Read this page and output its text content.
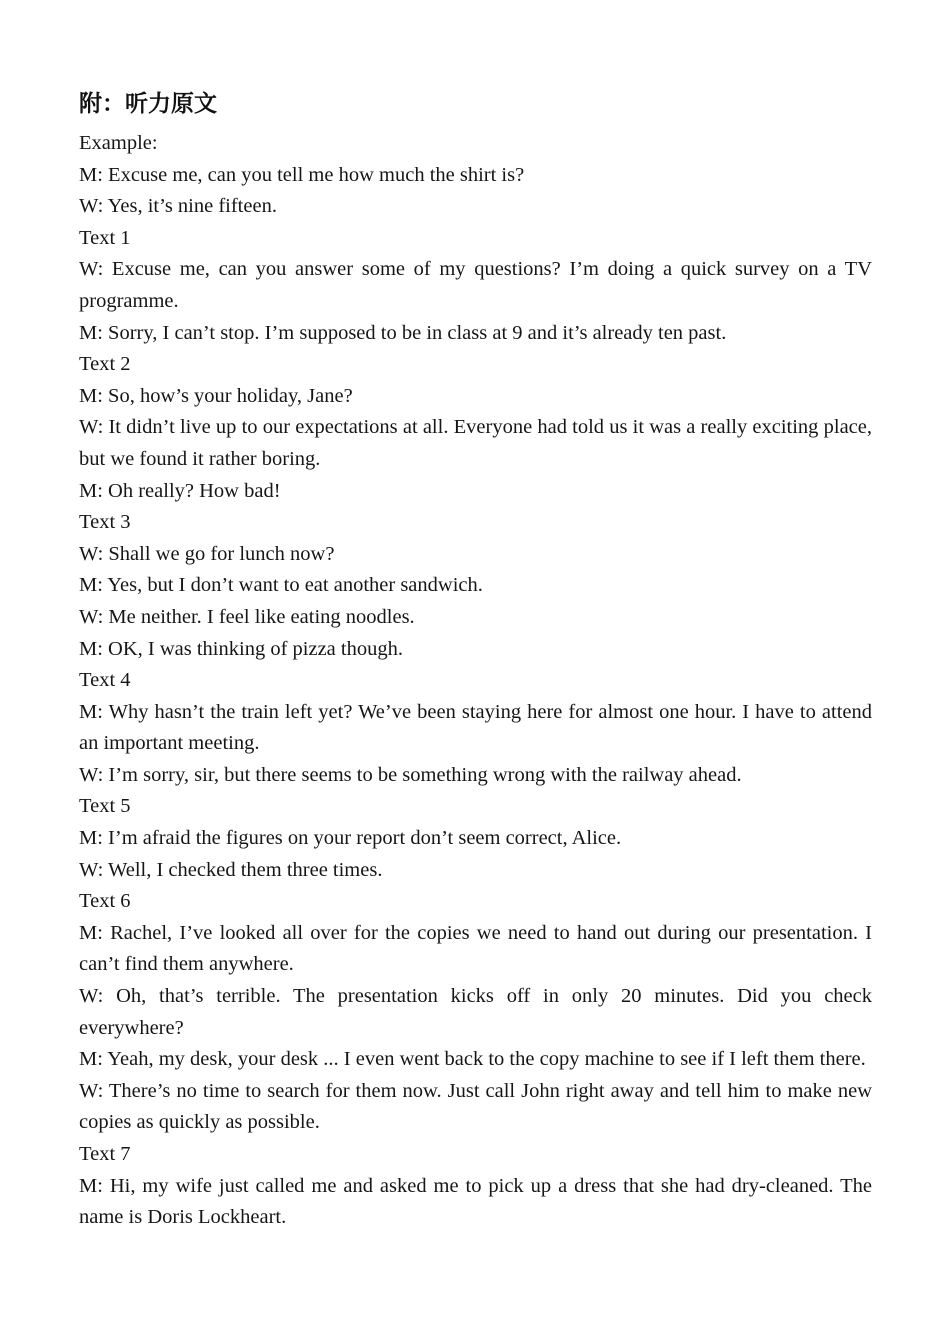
附：听力原文

Example:

M: Excuse me, can you tell me how much the shirt is?

W: Yes, it’s nine fifteen.

Text 1

W: Excuse me, can you answer some of my questions? I’m doing a quick survey on a TV programme.

M: Sorry, I can’t stop. I’m supposed to be in class at 9 and it’s already ten past.

Text 2

M: So, how’s your holiday, Jane?

W: It didn’t live up to our expectations at all. Everyone had told us it was a really exciting place, but we found it rather boring.

M: Oh really? How bad!

Text 3

W: Shall we go for lunch now?

M: Yes, but I don’t want to eat another sandwich.

W: Me neither. I feel like eating noodles.

M: OK, I was thinking of pizza though.

Text 4

M: Why hasn’t the train left yet? We’ve been staying here for almost one hour. I have to attend an important meeting.

W: I’m sorry, sir, but there seems to be something wrong with the railway ahead.

Text 5

M: I’m afraid the figures on your report don’t seem correct, Alice.

W: Well, I checked them three times.

Text 6

M: Rachel, I’ve looked all over for the copies we need to hand out during our presentation. I can’t find them anywhere.

W: Oh, that’s terrible. The presentation kicks off in only 20 minutes. Did you check everywhere?

M: Yeah, my desk, your desk ... I even went back to the copy machine to see if I left them there.

W: There’s no time to search for them now. Just call John right away and tell him to make new copies as quickly as possible.

Text 7

M: Hi, my wife just called me and asked me to pick up a dress that she had dry-cleaned. The name is Doris Lockheart.
